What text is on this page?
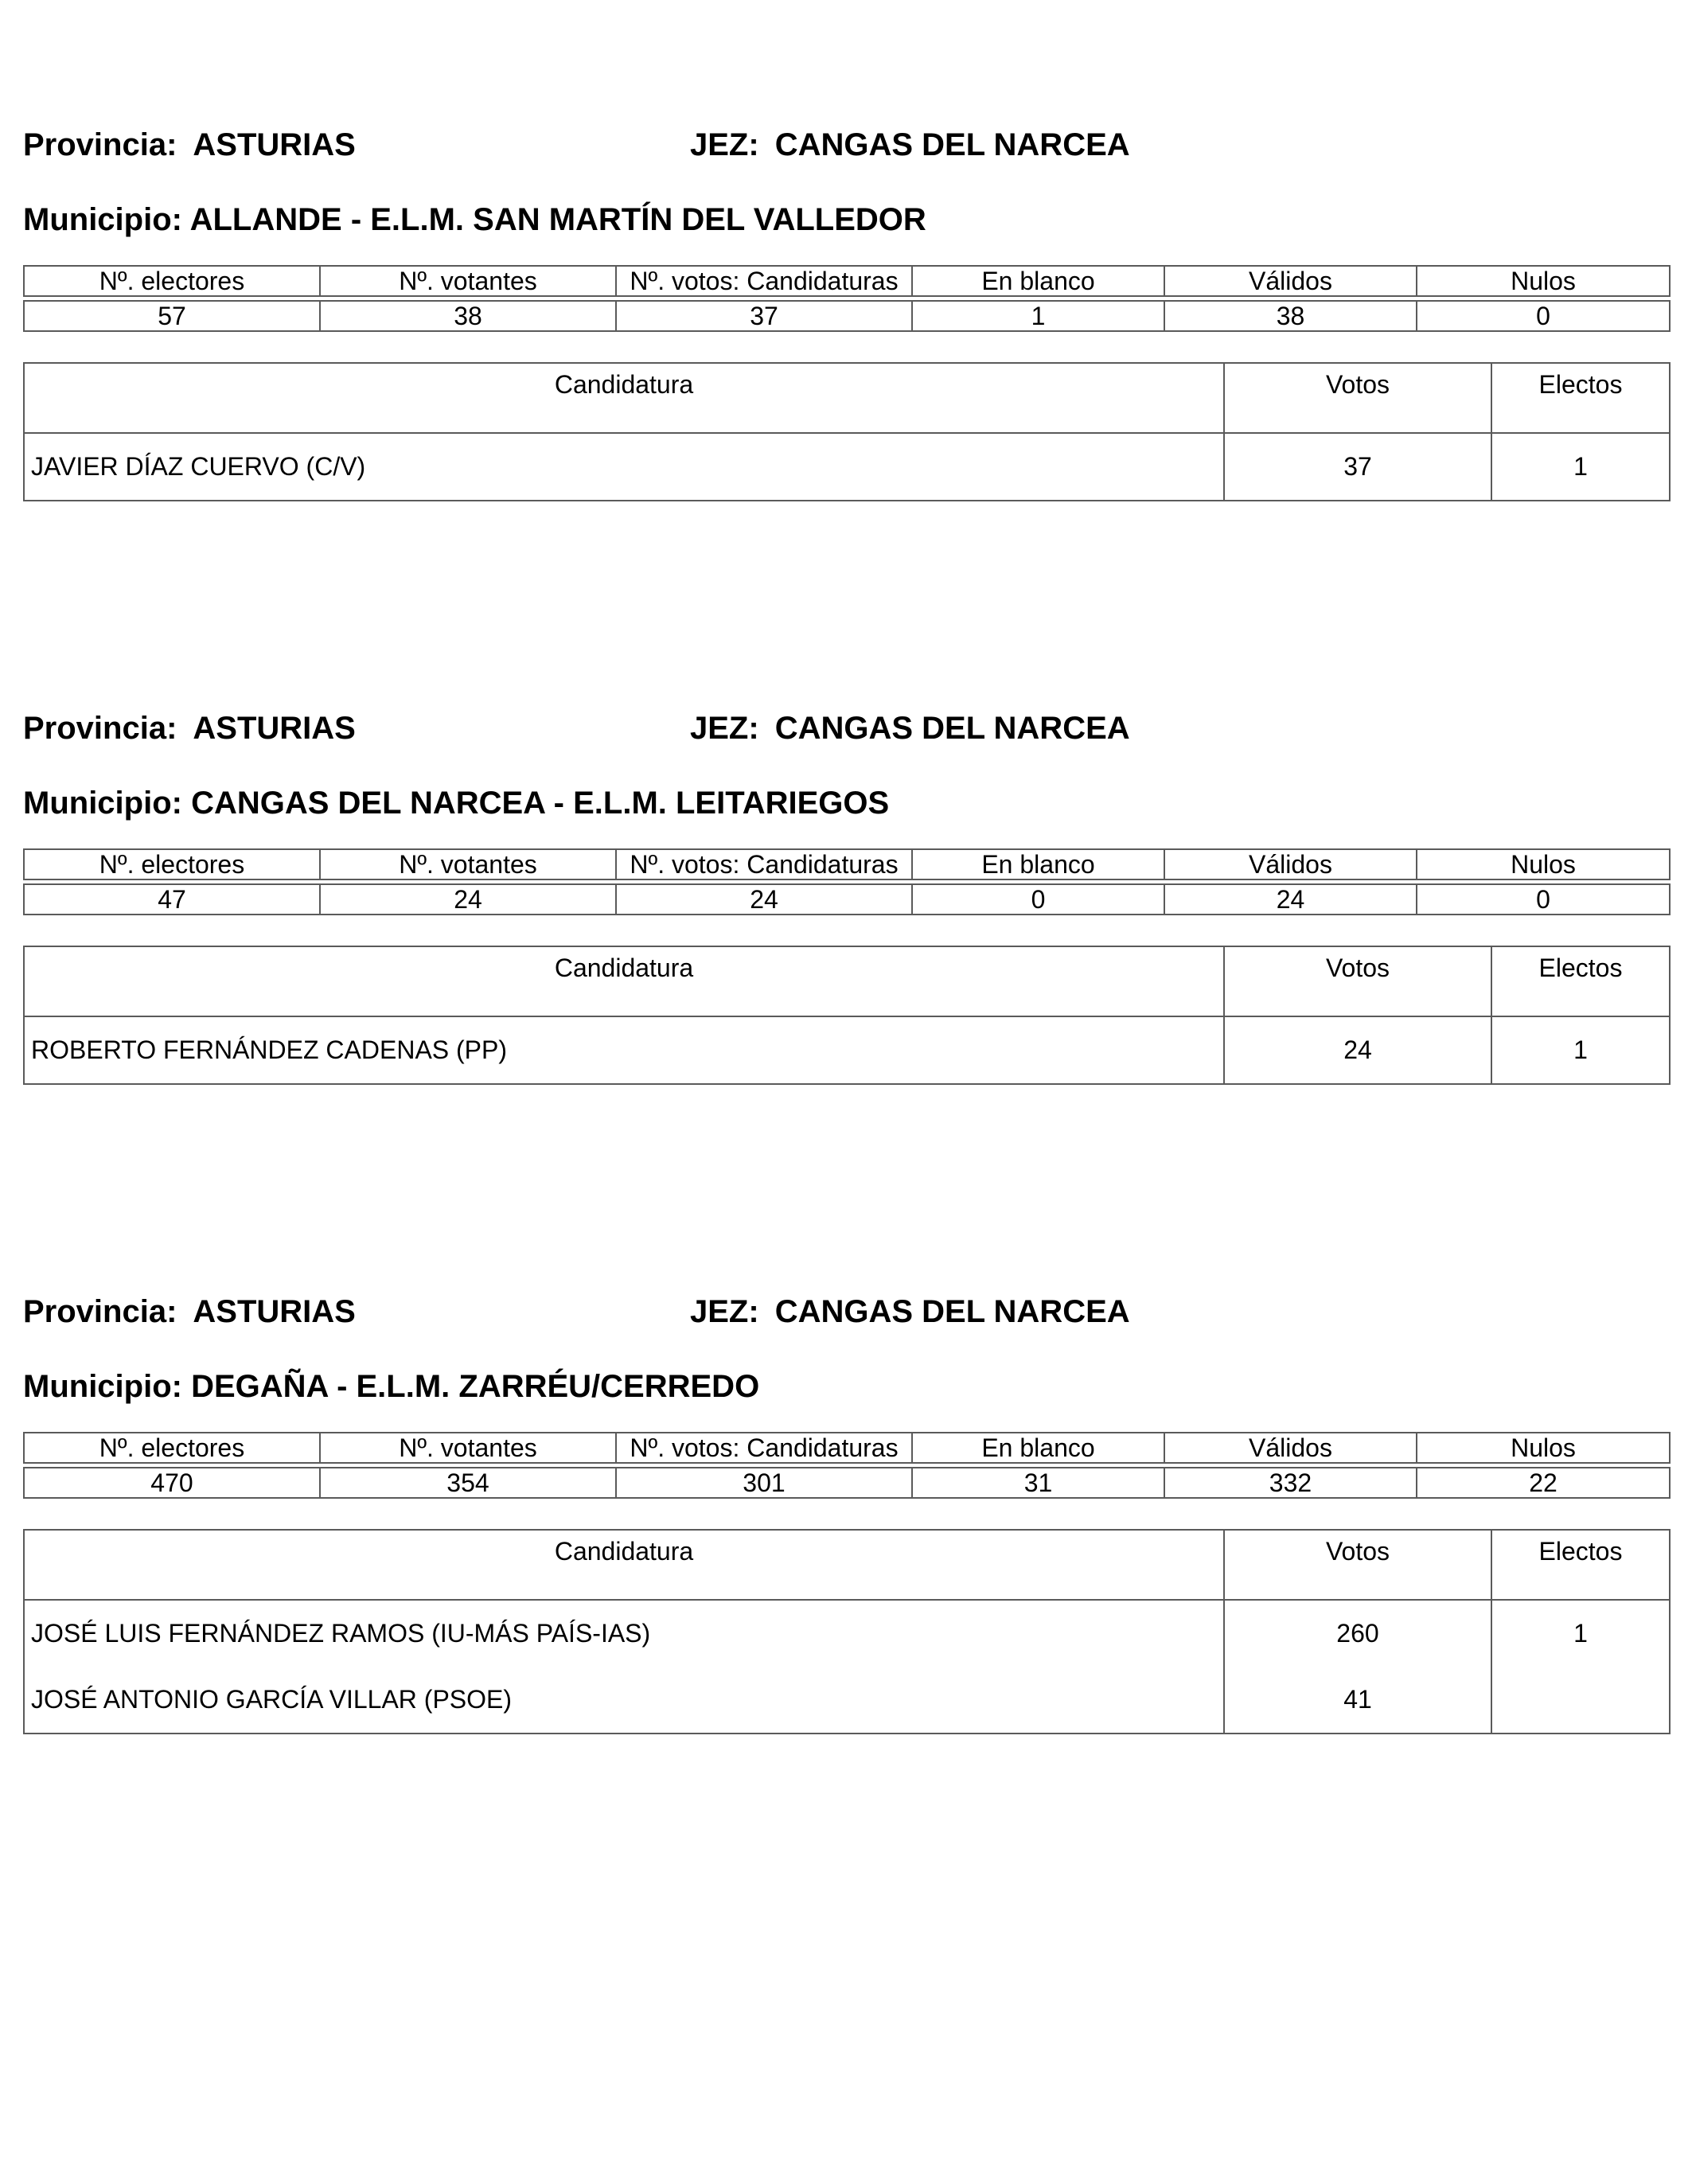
Provincia: ASTURIAS	JEZ: CANGAS DEL NARCEA
Municipio: ALLANDE - E.L.M. SAN MARTÍN DEL VALLEDOR
Nº. electores	Nº. votantes	Nº. votos: Candidaturas	En blanco	Válidos	Nulos

57	38	37	1	38	0
Candidatura	Votos	Electos
JAVIER DÍAZ CUERVO (C/V)	37	1
Provincia: ASTURIAS	JEZ: CANGAS DEL NARCEA
Municipio: CANGAS DEL NARCEA - E.L.M. LEITARIEGOS
Nº. electores	Nº. votantes	Nº. votos: Candidaturas	En blanco	Válidos	Nulos

47	24	24	0	24	0
Candidatura	Votos	Electos
ROBERTO FERNÁNDEZ CADENAS (PP)	24	1
Provincia: ASTURIAS	JEZ: CANGAS DEL NARCEA
Municipio: DEGAÑA - E.L.M. ZARRÉU/CERREDO
Nº. electores	Nº. votantes	Nº. votos: Candidaturas	En blanco	Válidos	Nulos

470	354	301	31	332	22
Candidatura	Votos	Electos
JOSÉ LUIS FERNÁNDEZ RAMOS (IU-MÁS PAÍS-IAS)	260	1
JOSÉ ANTONIO GARCÍA VILLAR (PSOE)	41	
